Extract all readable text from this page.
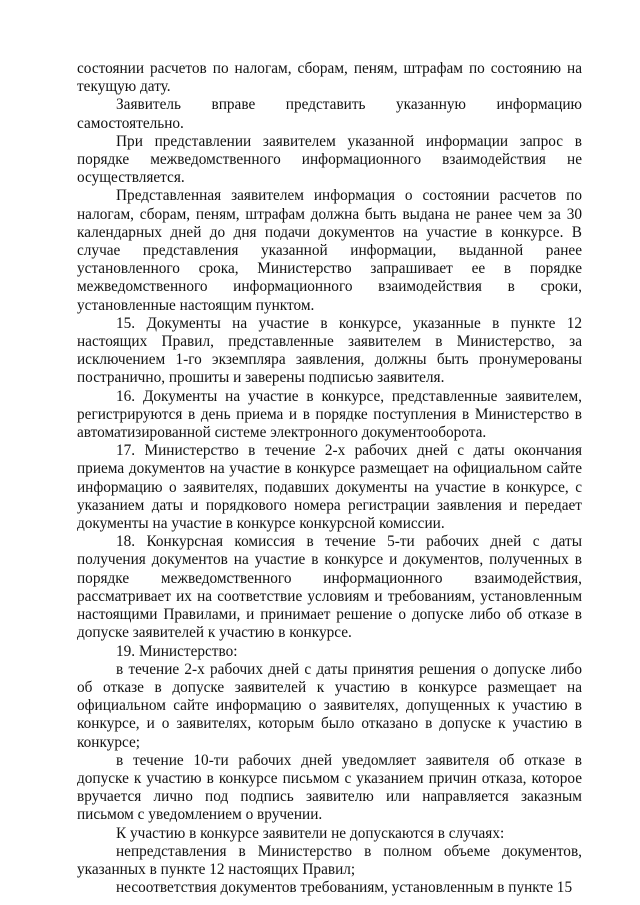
состоянии расчетов по налогам, сборам, пеням, штрафам по состоянию на текущую дату.

Заявитель вправе представить указанную информацию самостоятельно.

При представлении заявителем указанной информации запрос в порядке межведомственного информационного взаимодействия не осуществляется.

Представленная заявителем информация о состоянии расчетов по налогам, сборам, пеням, штрафам должна быть выдана не ранее чем за 30 календарных дней до дня подачи документов на участие в конкурсе. В случае представления указанной информации, выданной ранее установленного срока, Министерство запрашивает ее в порядке межведомственного информационного взаимодействия в сроки, установленные настоящим пунктом.

15. Документы на участие в конкурсе, указанные в пункте 12 настоящих Правил, представленные заявителем в Министерство, за исключением 1-го экземпляра заявления, должны быть пронумерованы постранично, прошиты и заверены подписью заявителя.

16. Документы на участие в конкурсе, представленные заявителем, регистрируются в день приема и в порядке поступления в Министерство в автоматизированной системе электронного документооборота.

17. Министерство в течение 2-х рабочих дней с даты окончания приема документов на участие в конкурсе размещает на официальном сайте информацию о заявителях, подавших документы на участие в конкурсе, с указанием даты и порядкового номера регистрации заявления и передает документы на участие в конкурсе конкурсной комиссии.

18. Конкурсная комиссия в течение 5-ти рабочих дней с даты получения документов на участие в конкурсе и документов, полученных в порядке межведомственного информационного взаимодействия, рассматривает их на соответствие условиям и требованиям, установленным настоящими Правилами, и принимает решение о допуске либо об отказе в допуске заявителей к участию в конкурсе.

19. Министерство:

в течение 2-х рабочих дней с даты принятия решения о допуске либо об отказе в допуске заявителей к участию в конкурсе размещает на официальном сайте информацию о заявителях, допущенных к участию в конкурсе, и о заявителях, которым было отказано в допуске к участию в конкурсе;

в течение 10-ти рабочих дней уведомляет заявителя об отказе в допуске к участию в конкурсе письмом с указанием причин отказа, которое вручается лично под подпись заявителю или направляется заказным письмом с уведомлением о вручении.

К участию в конкурсе заявители не допускаются в случаях:

непредставления в Министерство в полном объеме документов, указанных в пункте 12 настоящих Правил;

несоответствия документов требованиям, установленным в пункте 15
